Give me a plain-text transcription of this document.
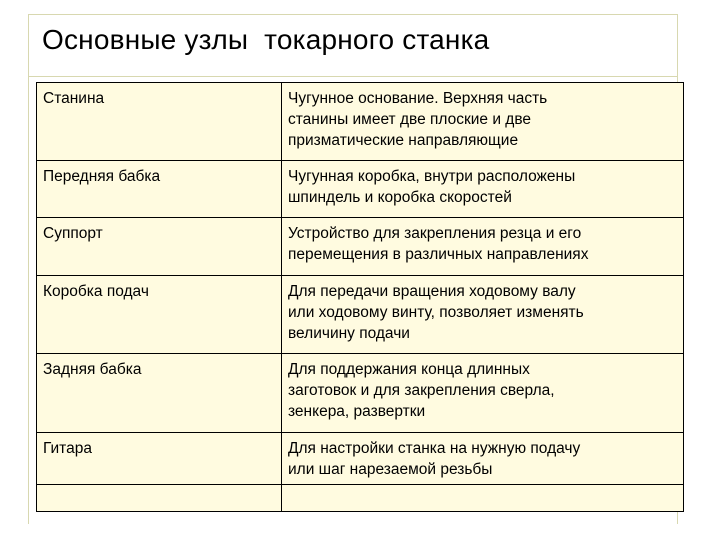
Основные узлы  токарного станка
Станина	Чугунное основание. Верхняя часть
станины имеет две плоские и две
призматические направляющие
Передняя бабка	Чугунная коробка, внутри расположены
шпиндель и коробка скоростей
Суппорт	Устройство для закрепления резца и его
перемещения в различных направлениях
Коробка подач	Для передачи вращения ходовому валу
или ходовому винту, позволяет изменять
величину подачи
Задняя бабка	Для поддержания конца длинных
заготовок и для закрепления сверла,
зенкера, развертки
Гитара	Для настройки станка на нужную подачу
или шаг нарезаемой резьбы
